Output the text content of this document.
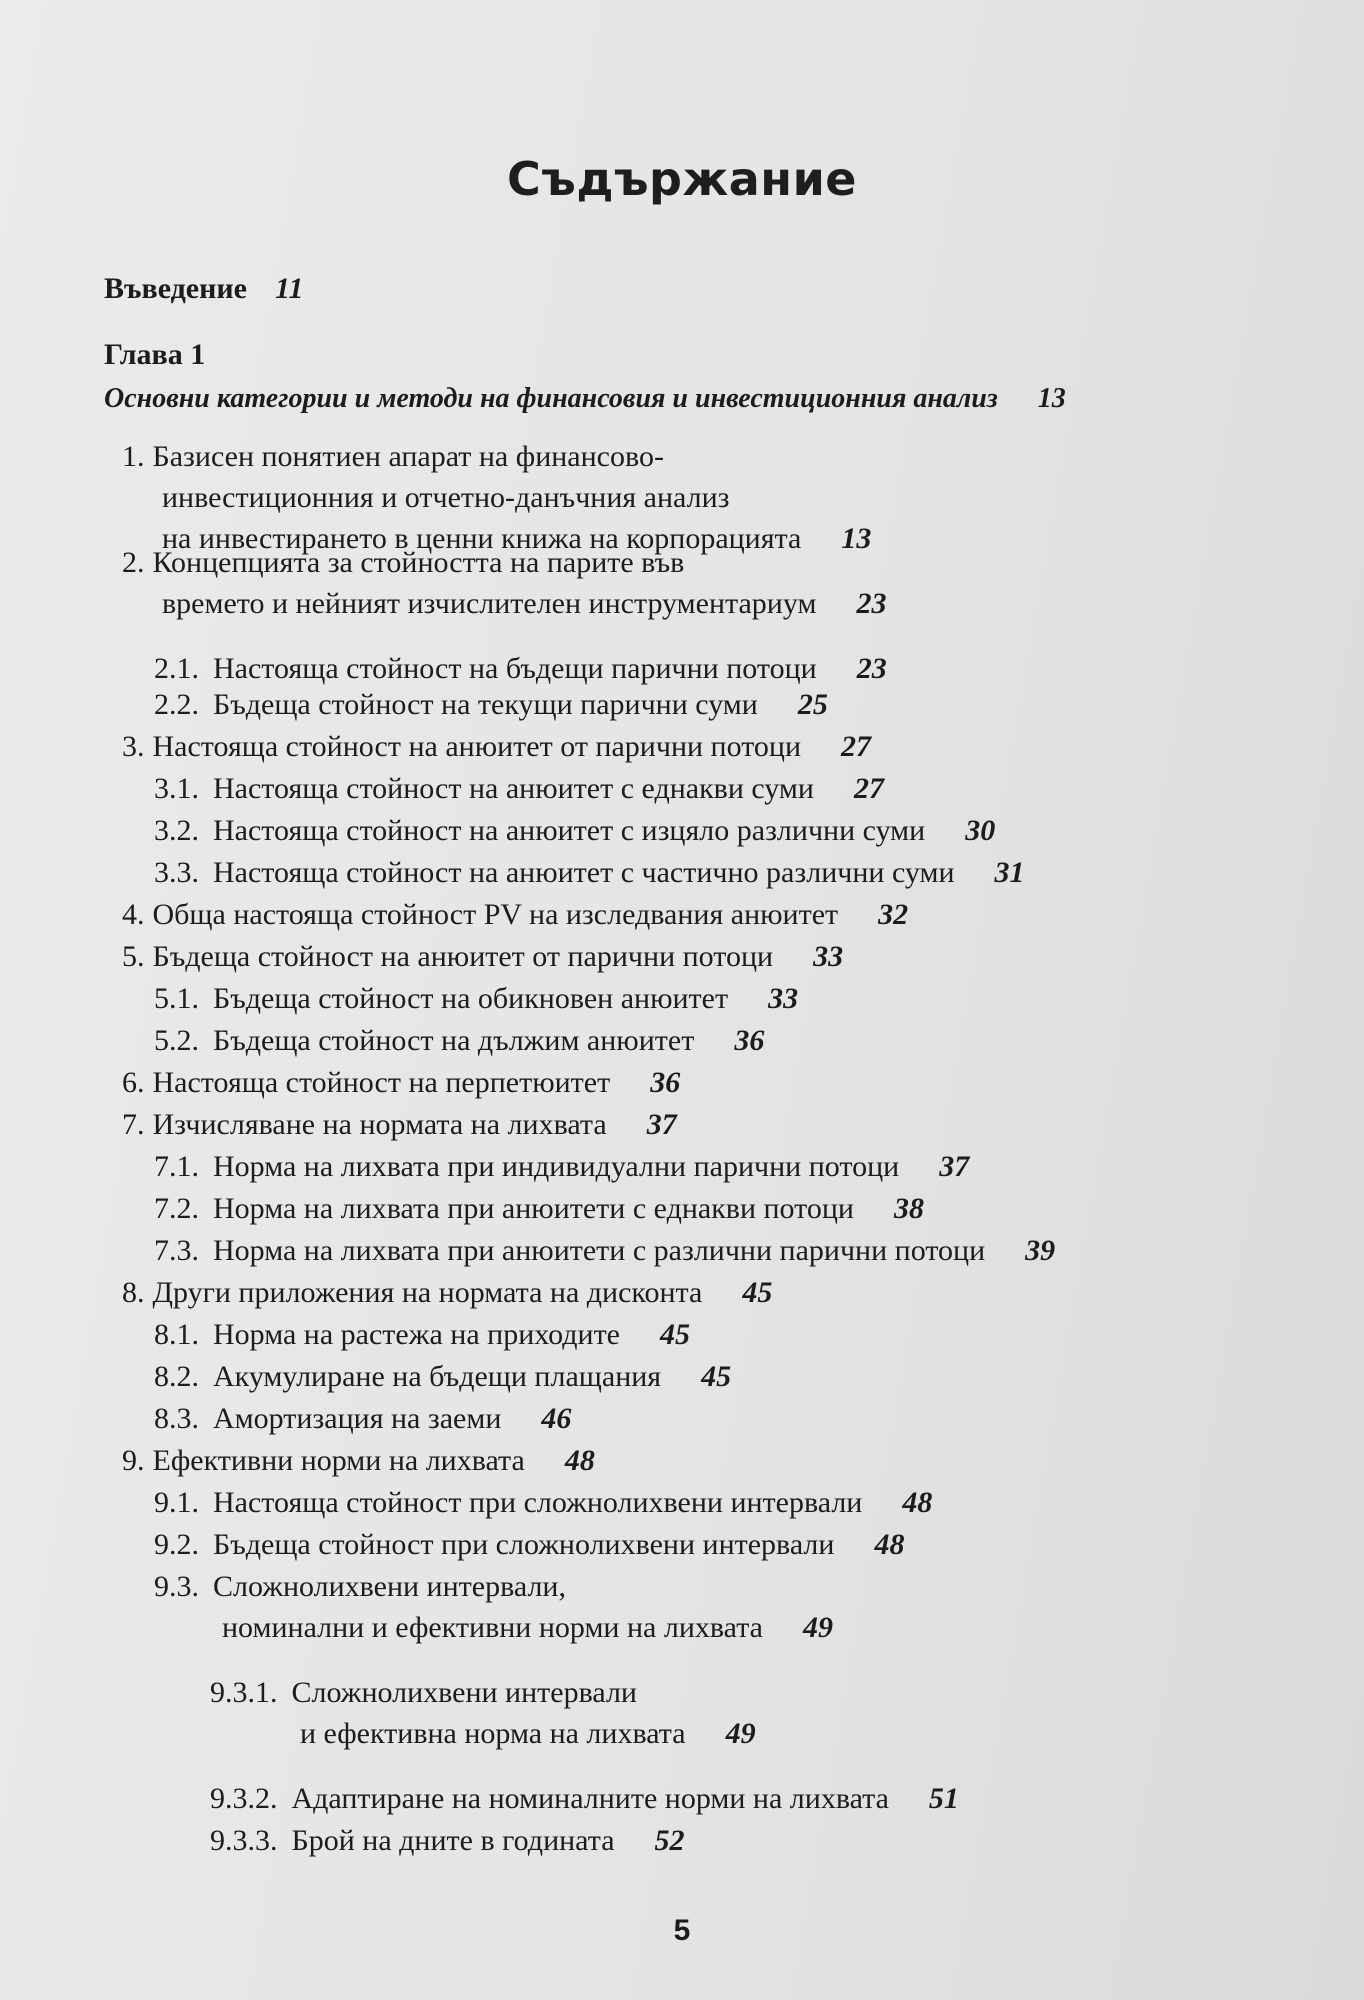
Съдържание
Въведение 11
Глава 1
Основни категории и методи на финансовия и инвестиционния анализ 13
1. Базисен понятиен апарат на финансово-
инвестиционния и отчетно-данъчния анализ
на инвестирането в ценни книжа на корпорацията 13
2. Концепцията за стойността на парите във
времето и нейният изчислителен инструментариум 23
2.1. Настояща стойност на бъдещи парични потоци 23
2.2. Бъдеща стойност на текущи парични суми 25
3. Настояща стойност на анюитет от парични потоци 27
3.1. Настояща стойност на анюитет с еднакви суми 27
3.2. Настояща стойност на анюитет с изцяло различни суми 30
3.3. Настояща стойност на анюитет с частично различни суми 31
4. Обща настояща стойност PV на изследвания анюитет 32
5. Бъдеща стойност на анюитет от парични потоци 33
5.1. Бъдеща стойност на обикновен анюитет 33
5.2. Бъдеща стойност на дължим анюитет 36
6. Настояща стойност на перпетюитет 36
7. Изчисляване на нормата на лихвата 37
7.1. Норма на лихвата при индивидуални парични потоци 37
7.2. Норма на лихвата при анюитети с еднакви потоци 38
7.3. Норма на лихвата при анюитети с различни парични потоци 39
8. Други приложения на нормата на дисконта 45
8.1. Норма на растежа на приходите 45
8.2. Акумулиране на бъдещи плащания 45
8.3. Амортизация на заеми 46
9. Ефективни норми на лихвата 48
9.1. Настояща стойност при сложнолихвени интервали 48
9.2. Бъдеща стойност при сложнолихвени интервали 48
9.3. Сложнолихвени интервали,
номинални и ефективни норми на лихвата 49
9.3.1. Сложнолихвени интервали
и ефективна норма на лихвата 49
9.3.2. Адаптиране на номиналните норми на лихвата 51
9.3.3. Брой на дните в годината 52
5
